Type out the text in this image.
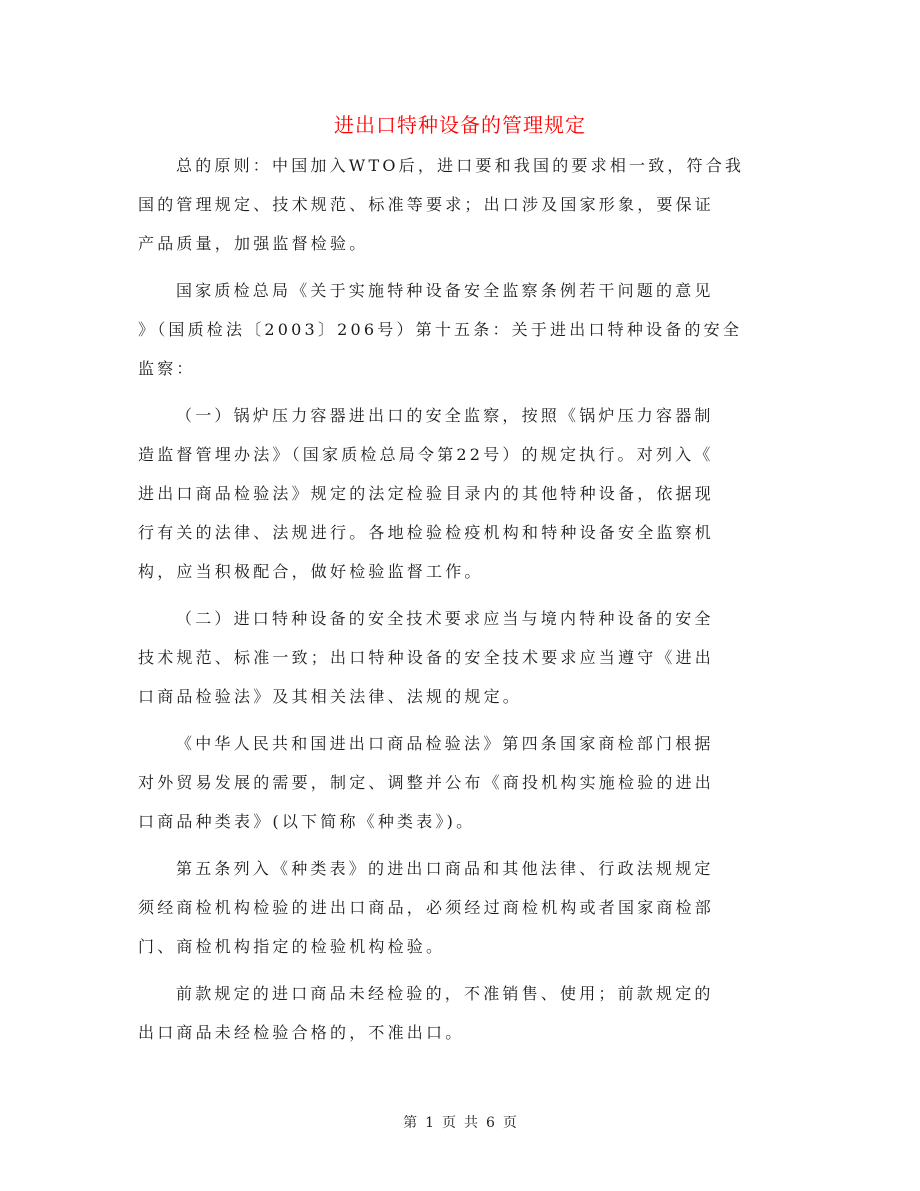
进出口特种设备的管理规定
总的原则：中国加入WTO后，进口要和我国的要求相一致，符合我
国的管理规定、技术规范、标准等要求；出口涉及国家形象，要保证
产品质量，加强监督检验。
国家质检总局《关于实施特种设备安全监察条例若干问题的意见
》（国质检法〔2003〕206号）第十五条：关于进出口特种设备的安全
监察：
（一）锅炉压力容器进出口的安全监察，按照《锅炉压力容器制
造监督管埋办法》（国家质检总局令第22号）的规定执行。对列入《
进出口商品检验法》规定的法定检验目录内的其他特种设备，依据现
行有关的法律、法规进行。各地检验检疫机构和特种设备安全监察机
构，应当积极配合，做好检验监督工作。
（二）进口特种设备的安全技术要求应当与境内特种设备的安全
技术规范、标准一致；出口特种设备的安全技术要求应当遵守《进出
口商品检验法》及其相关法律、法规的规定。
《中华人民共和国进出口商品检验法》第四条国家商检部门根据
对外贸易发展的需要，制定、调整并公布《商投机构实施检验的进出
口商品种类表》(以下简称《种类表》)。
第五条列入《种类表》的进出口商品和其他法律、行政法规规定
须经商检机构检验的进出口商品，必须经过商检机构或者国家商检部
门、商检机构指定的检验机构检验。
前款规定的进口商品未经检验的，不准销售、使用；前款规定的
出口商品未经检验合格的，不准出口。
第 1 页 共 6 页
